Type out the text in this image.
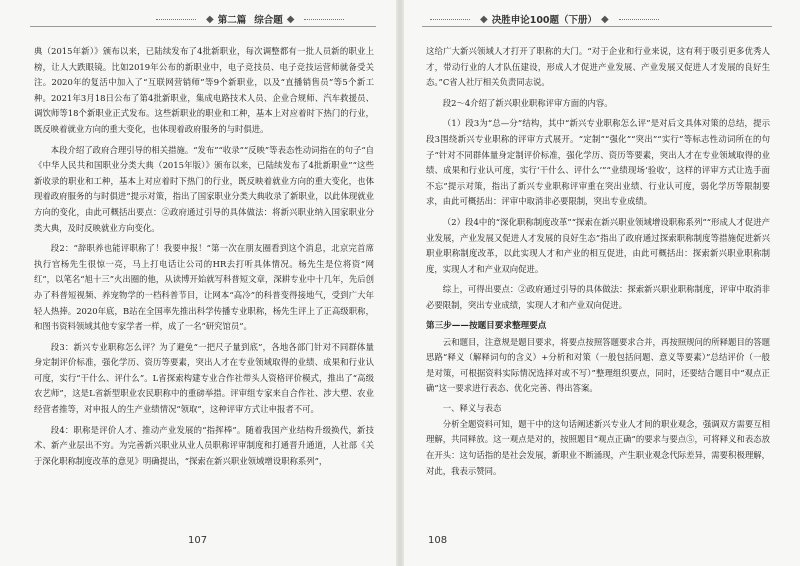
◆ 第二篇 综合题 ◆

典（2015年新）》颁布以来，已陆续发布了4批新职业，每次调整都有一批人员新的职业上榜，让人大跌眼镜。比如2019年公布的新职业中，电子竞技员、电子竞技运营师就备受关注。2020年的复活中加入了“互联网营销师”等9个新职业，以及“直播销售员”等5个新工种。2021年3月18日公布了第4批新职业，集成电路技术人员、企业合规师、汽车救援员、调饮师等18个新职业正式发布。这些新职业的职业和工种，基本上对应着时下热门的行业，既反映着就业方向的重大变化，也体现着政府服务的与时俱进。

本段介绍了政府合理引导的相关措施。“发布”“收录”“反映”等表态性动词指在的句子“自《中华人民共和国职业分类大典（2015年版）》颁布以来，已陆续发布了4批新职业”“这些新收录的职业和工种，基本上对应着时下热门的行业，既反映着就业方向的重大变化，也体现着政府服务的与时俱进”提示对策，指出了国家职业分类大典收录了新职业，以此体现就业方向的变化，由此可概括出要点：②政府通过引导的具体做法：将新兴职业纳入国家职业分类大典，及时反映就业方向变化。

段2：“辞职养也能评职称了！我要申报！”第一次在朋友圈看到这个消息，北京完首席执行官杨先生很惊一亮，马上打电话让公司的HR去打听具体情况。杨先生是位将资“网红”，以笔名“旭十三”火出圈的他，从读博开始就写科普短文章，深耕专业中十几年，先后创办了科普短视频、养宠物学的一档科普节目，让网本“高冷”的科普变得接地气，受到广大年轻人热捧。2020年底，B站在全国率先推出科学传播专业职称，杨先生评上了正高级职称，和图书资料领域其他专家学者一样，成了一名“研究馆员”。

段3：新兴专业职称怎么评？为了避免“一把尺子量到底”，各地各部门针对不同群体量身定制评价标准，强化学历、资历等要素，突出人才在专业领域取得的业绩、成果和行业认可度，实行“干什么、评什么”。L省探索构建专业合作社带头人资格评价模式，推出了“高级农艺师”，这是L省新型职业农民职称中的重磅举措。评审组专家来自合作社、涉大塑、农业经营者推等，对申报人的生产业绩情况“领取”，这种评审方式让申报者不可。

段4：职称是评价人才、推动产业发展的“指挥棒”。随着我国产业结构升级换代，新技术、新产业层出不穷。为完善新兴职业从业人员职称评审制度和打通晋升通道，人社部《关于深化职称制度改革的意见》明确提出，“探索在新兴职业领域增设职称系列”，

107
◆ 决胜申论100题（下册） ◆

这给广大新兴领域人才打开了职称的大门。“对于企业和行业来说，这有利于吸引更多优秀人才，带动行业的人才队伍建设，形成人才促进产业发展、产业发展又促进人才发展的良好生态。”C省人社厅相关负责同志说。

段2～4介绍了新兴职业职称评审方面的内容。

（1）段3为“总—分”结构，其中“新兴专业职称怎么评”是对后文具体对策的总结，提示段3围绕新兴专业职称的评审方式展开。“定制”“强化”“突出”“实行”等标志性动词所在的句子“针对不同群体量身定制评价标准，强化学历、资历等要素，突出人才在专业领域取得的业绩、成果和行业认可度，实行‘干什么、评什么’”“业绩现场‘验收’，这样的评审方式让选手面不忘”提示对策，指出了新兴专业职称评审重在突出业绩、行业认可度，弱化学历等限制要求，由此可概括出：评审中取消非必要限制，突出专业成绩。

（2）段4中的“深化职称制度改革”“探索在新兴职业领域增设职称系列”“形成人才促进产业发展，产业发展又促进人才发展的良好生态”指出了政府通过探索职称制度等措施促进新兴职业职称制度改革，以此实现人才和产业的相互促进，由此可概括出：探索新兴职业职称制度，实现人才和产业双向促进。

综上，可得出要点：②政府通过引导的具体做法：探索新兴职业职称制度，评审中取消非必要限制，突出专业成绩，实现人才和产业双向促进。

第三步——按题目要求整理要点

云和题目，注意规是题目要求，将要点按照答题要求合并，再按照规问的所释题目的答题思路“释义（解释词句的含义）+分析和对策（一般包括问题、意义等要素）”总结评价（一般是对策，可根据资料实际情况选择对或不写）”整理组织要点，同时，还要结合题目中“观点正确”这一要求进行表态、优化完善、得出答案。

一、释义与表态

分析全题资料可知，题干中的这句话阐述新兴专业人才间的职业观念，强调双方需要互相理解，共同释放。这一观点是对的，按照题目“观点正确”的要求与要点⑤，可将释义和表态放在开头：这句话指的是社会发展，新职业不断涌现，产生职业观念代际差异，需要积极理解，对此，我表示赞同。

108
